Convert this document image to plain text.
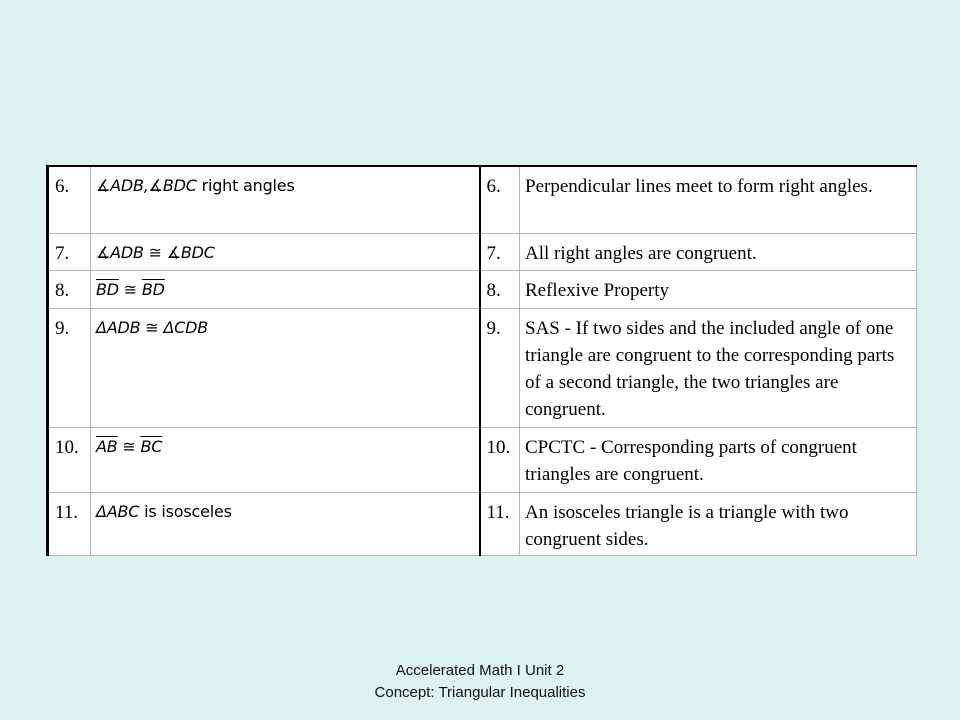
6.	∡ADB,∡BDC right angles	6.	Perpendicular lines meet to form right angles.
7.	∡ADB ≅ ∡BDC	7.	All right angles are congruent.
8.	$\overline{BD}$ ≅ $\overline{BD}$	8.	Reflexive Property
9.	ΔADB ≅ ΔCDB	9.	SAS - If two sides and the included angle of one triangle are congruent to the corresponding parts of a second triangle, the two triangles are congruent.
10.	$\overline{AB}$ ≅ $\overline{BC}$	10.	CPCTC - Corresponding parts of congruent triangles are congruent.
11.	ΔABC is isosceles	11.	An isosceles triangle is a triangle with two congruent sides.
Accelerated Math I Unit 2
Concept: Triangular Inequalities
